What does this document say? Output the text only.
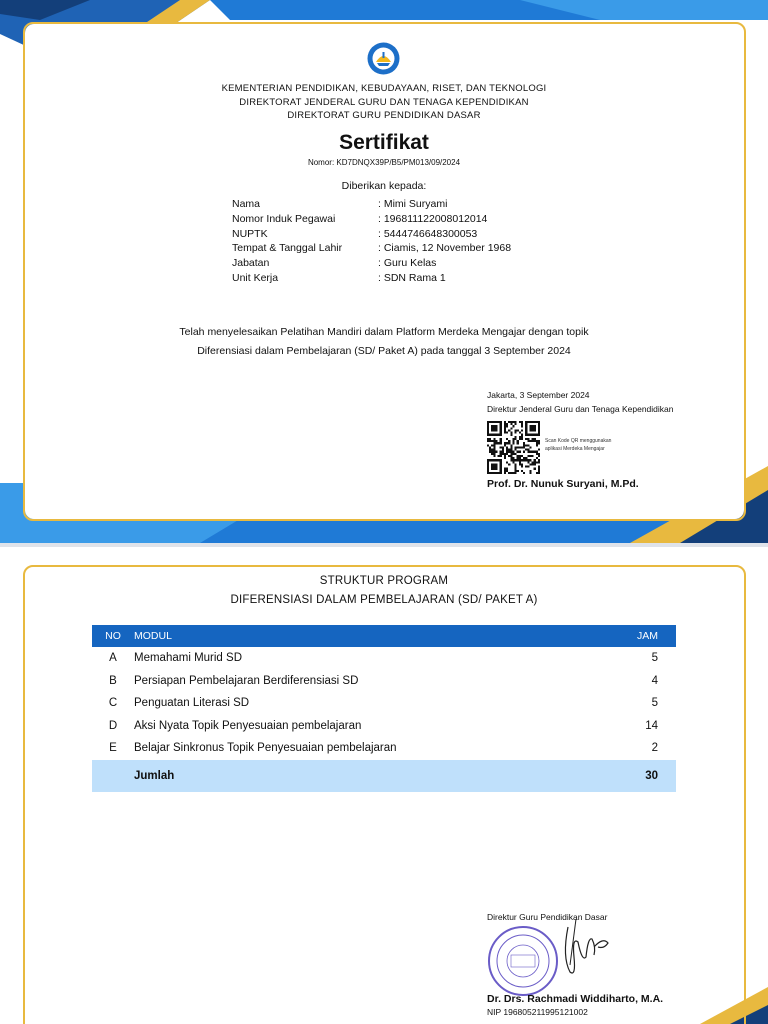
KEMENTERIAN PENDIDIKAN, KEBUDAYAAN, RISET, DAN TEKNOLOGI
DIREKTORAT JENDERAL GURU DAN TENAGA KEPENDIDIKAN
DIREKTORAT GURU PENDIDIKAN DASAR
Sertifikat
Nomor: KD7DNQX39P/B5/PM013/09/2024
Diberikan kepada:
Nama	: Mimi Suryami
Nomor Induk Pegawai	: 196811122008012014
NUPTK	: 5444746648300053
Tempat & Tanggal Lahir	: Ciamis, 12 November 1968
Jabatan	: Guru Kelas
Unit Kerja	: SDN Rama 1
Telah menyelesaikan Pelatihan Mandiri dalam Platform Merdeka Mengajar dengan topik
Diferensiasi dalam Pembelajaran (SD/ Paket A) pada tanggal 3 September 2024
Jakarta, 3 September 2024
Direktur Jenderal Guru dan Tenaga Kependidikan
Scan Kode QR menggunakan
aplikasi Merdeka Mengajar
Prof. Dr. Nunuk Suryani, M.Pd.
STRUKTUR PROGRAM
DIFERENSIASI DALAM PEMBELAJARAN (SD/ PAKET A)
NO	MODUL	JAM
A	Memahami Murid SD	5
B	Persiapan Pembelajaran Berdiferensiasi SD	4
C	Penguatan Literasi SD	5
D	Aksi Nyata Topik Penyesuaian pembelajaran	14
E	Belajar Sinkronus Topik Penyesuaian pembelajaran	2
	Jumlah	30
Direktur Guru Pendidikan Dasar
Dr. Drs. Rachmadi Widdiharto, M.A.
NIP 196805211995121002
